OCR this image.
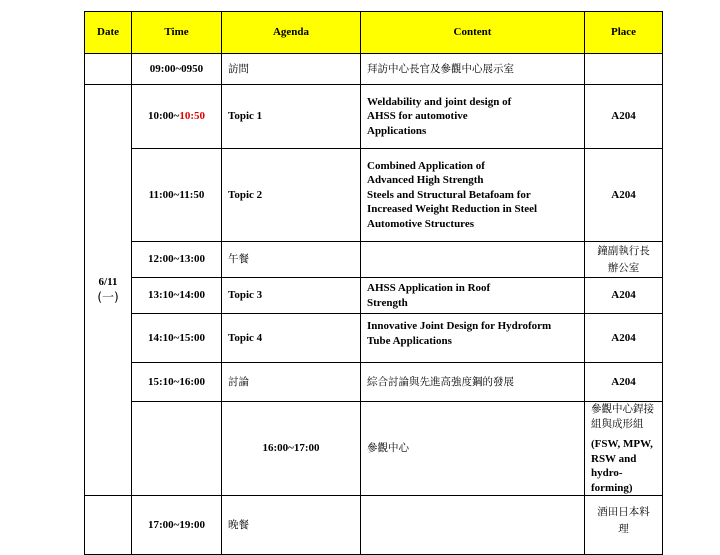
Date	Time	Agenda	Content	Place	
	09:00~0950	訪問	拜訪中心長官及參觀中心展示室		
6/11
(一)	10:00~10:50	Topic 1	Weldability and joint design of
AHSS for automotive
Applications	A204	
	11:00~11:50	Topic 2	Combined Application of
Advanced High Strength
Steels and Structural Betafoam for
Increased Weight Reduction in Steel
Automotive Structures	A204	
	12:00~13:00	午餐		鐘副執行長
辦公室	
	13:10~14:00	Topic 3	AHSS Application in Roof
Strength	A204	
	14:10~15:00	Topic 4	Innovative Joint Design for Hydroform
Tube Applications	A204	
	15:10~16:00	討論	綜合討論與先進高強度鋼的發展	A204	
		16:00~17:00	參觀中心	參觀中心銲接組與成形組
(FSW, MPW, RSW and hydro-forming)	

	17:00~19:00	晚餐		酒田日本料
理	
